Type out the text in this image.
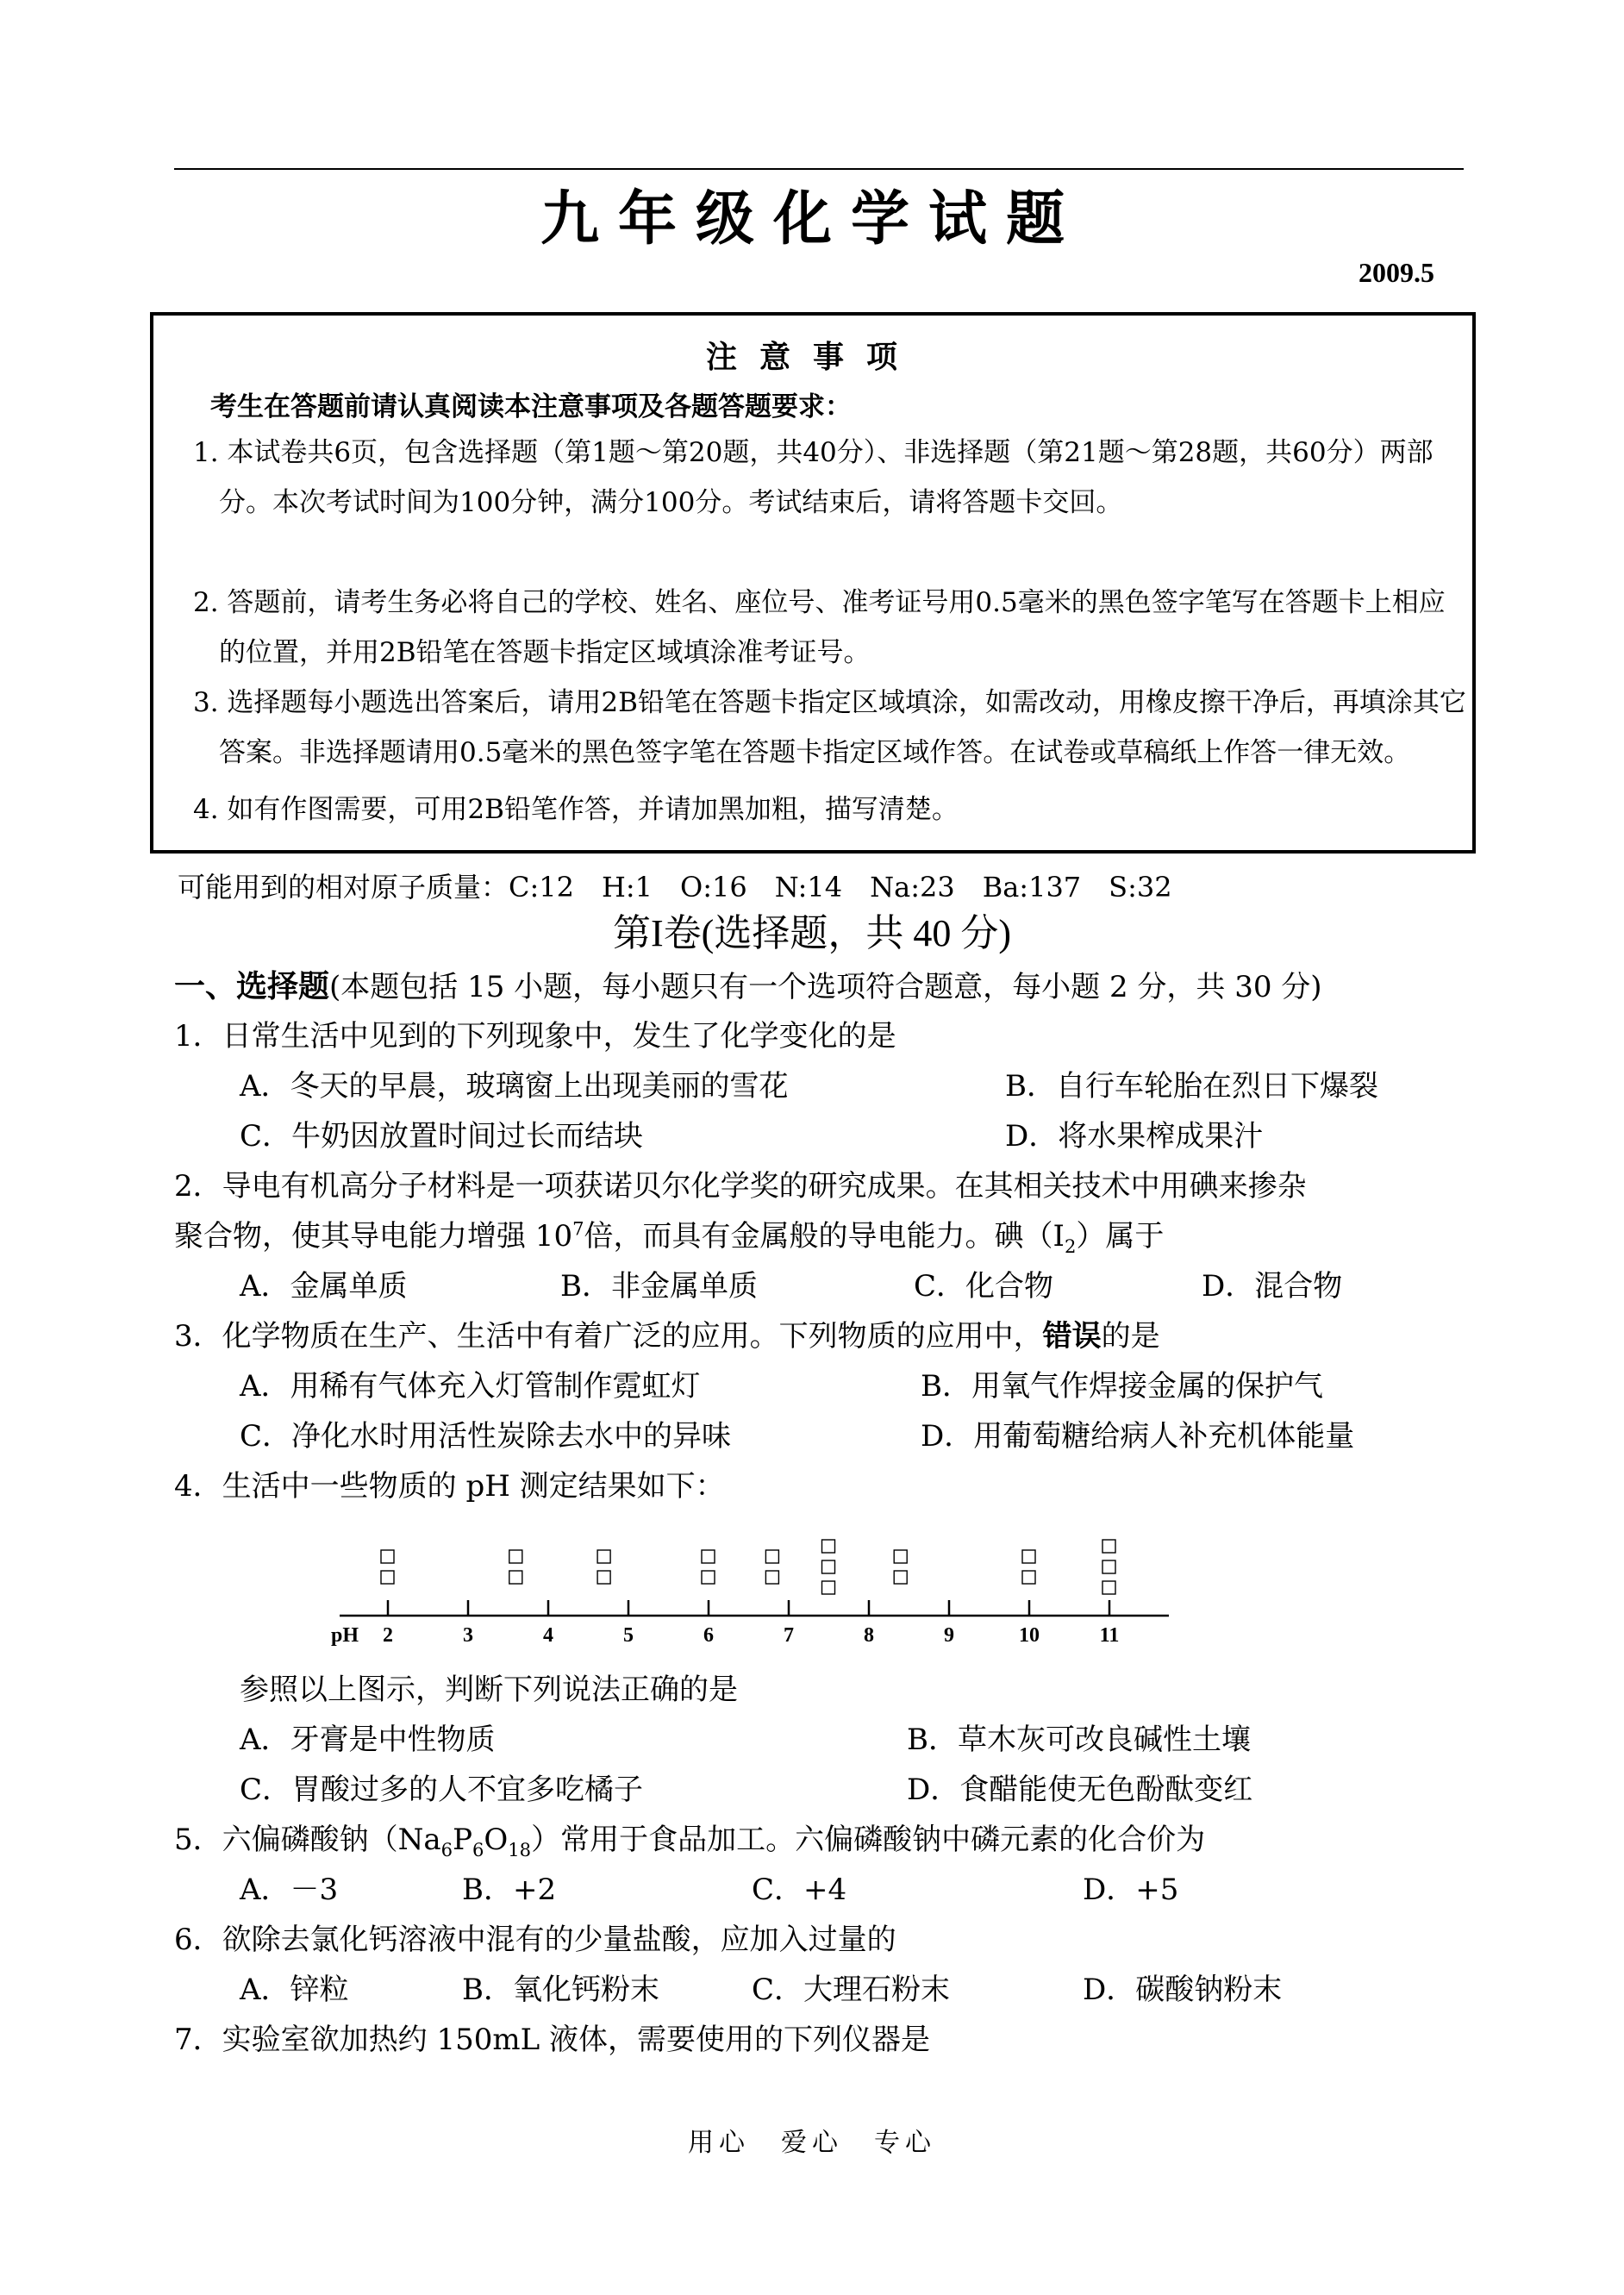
九年级化学试题
2009.5
注意事项
考生在答题前请认真阅读本注意事项及各题答题要求：
1. 本试卷共6页，包含选择题（第1题～第20题，共40分）、非选择题（第21题～第28题，共60分）两部分。本次考试时间为100分钟，满分100分。考试结束后，请将答题卡交回。
2. 答题前，请考生务必将自己的学校、姓名、座位号、准考证号用0.5毫米的黑色签字笔写在答题卡上相应的位置，并用2B铅笔在答题卡指定区域填涂准考证号。
3. 选择题每小题选出答案后，请用2B铅笔在答题卡指定区域填涂，如需改动，用橡皮擦干净后，再填涂其它答案。非选择题请用0.5毫米的黑色签字笔在答题卡指定区域作答。在试卷或草稿纸上作答一律无效。
4. 如有作图需要，可用2B铅笔作答，并请加黑加粗，描写清楚。
可能用到的相对原子质量：C:12　H:1　O:16　N:14　Na:23　Ba:137　S:32
第I卷(选择题，共 40 分)
一、选择题(本题包括 15 小题，每小题只有一个选项符合题意，每小题 2 分，共 30 分)
1．日常生活中见到的下列现象中，发生了化学变化的是
A．冬天的早晨，玻璃窗上出现美丽的雪花	B．自行车轮胎在烈日下爆裂
C．牛奶因放置时间过长而结块	D．将水果榨成果汁
2．导电有机高分子材料是一项获诺贝尔化学奖的研究成果。在其相关技术中用碘来掺杂
聚合物，使其导电能力增强 $10^7$倍，而具有金属般的导电能力。碘$(I_2)$属于
A．金属单质	B．非金属单质	C．化合物	D．混合物
3．化学物质在生产、生活中有着广泛的应用。下列物质的应用中，错误的是
A．用稀有气体充入灯管制作霓虹灯	B．用氧气作焊接金属的保护气
C．净化水时用活性炭除去水中的异味	D．用葡萄糖给病人补充机体能量
4．生活中一些物质的 pH 测定结果如下：
pH 2	3	4	5	6	7	8	9	10	11
参照以上图示，判断下列说法正确的是
A．牙膏是中性物质	B．草木灰可改良碱性土壤
C．胃酸过多的人不宜多吃橘子	D．食醋能使无色酚酞变红
5．六偏磷酸钠$(Na_6P_6O_{18})$常用于食品加工。六偏磷酸钠中磷元素的化合价为
A．－3	B．+2	C．+4	D．+5
6．欲除去氯化钙溶液中混有的少量盐酸，应加入过量的
A．锌粒	B．氧化钙粉末	C．大理石粉末	D．碳酸钠粉末
7．实验室欲加热约 150mL 液体，需要使用的下列仪器是
用心　爱心　专心
